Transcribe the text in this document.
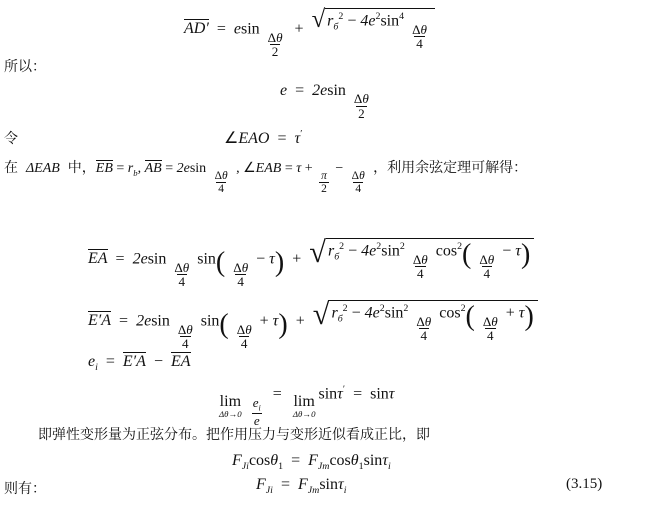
AD′  =  esin
$\frac{\Delta\theta}{2}$
+ √ $r_б^2 - 4e^2\sin^4$
$\frac{\Delta\theta}{4}$
所以：
e  =  2esin
$\frac{\Delta\theta}{2}$
令	∠EAO  =  τ′
在  ΔEAB 中，EB = $r_b$, AB = 2esin
$\frac{\Delta\theta}{4}$
, ∠EAB = τ +
$\frac{\pi}{2}$
−
$\frac{\Delta\theta}{4}$
，利用余弦定理可解得：
EA  =  2esin
$\frac{\Delta\theta}{4}$
$\sin( \frac{\Delta\theta}{4}$
− τ)  + √ $r_б^2 - 4e^2\sin^2$
$\frac{\Delta\theta}{4}$
$\cos^2( \frac{\Delta\theta}{4}$
− τ)
E′A  =  2esin
$\frac{\Delta\theta}{4}$
$\sin( \frac{\Delta\theta}{4}$
+ τ)  + √ $r_б^2 - 4e^2\sin^2$
$\frac{\Delta\theta}{4}$
$\cos^2( \frac{\Delta\theta}{4}$
+ τ)
$e_i = E'A$  −  EA
lim
Δθ→0
$\frac{e_i}{e}$
= lim
Δθ→0
sinτ′  =  sinτ
即弹性变形量为正弦分布。把作用压力与变形近似看成正比，即
$F_{Ji}\cos\theta_1 = F_{Jm}\cos\theta_1\sin\tau_i$
则有：	$F_{Ji} = F_{Jm}\sin\tau_i$	(3.15)
